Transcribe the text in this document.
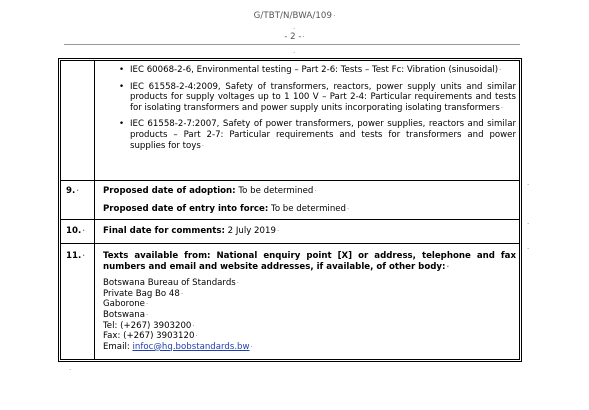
G/TBT/N/BWA/109·
·
- 2 -·
·
• IEC 60068-2-6, Environmental testing – Part 2-6: Tests – Test Fc: Vibration (sinusoidal)·
• IEC 61558-2-4:2009, Safety of transformers, reactors, power supply units and similar products for supply voltages up to 1 100 V – Part 2-4: Particular requirements and tests for isolating transformers and power supply units incorporating isolating transformers·
• IEC 61558-2-7:2007, Safety of power transformers, power supplies, reactors and similar products – Part 2-7: Particular requirements and tests for transformers and power supplies for toys·
9.·	Proposed date of adoption: To be determined·

Proposed date of entry into force: To be determined·

10.· Final date for comments: 2 July 2019·

11.· Texts available from: National enquiry point [X] or address, telephone and fax numbers and email and website addresses, if available, of other body:·

Botswana Bureau of Standards·

Private Bag Bo 48·

Gaborone·

Botswana·

Tel: (+267) 3903200·

Fax: (+267) 3903120·

Email: infoc@hq.bobstandards.bw·

·
·
·
·
